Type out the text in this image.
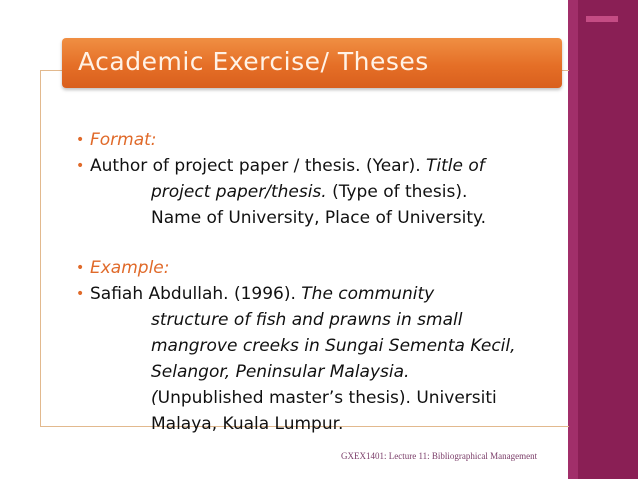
Academic Exercise/ Theses
• Format:
• Author of project paper / thesis. (Year). Title of
project paper/thesis. (Type of thesis).
Name of University, Place of University.
• Example:
• Safiah Abdullah. (1996). The community
structure of fish and prawns in small
mangrove creeks in Sungai Sementa Kecil,
Selangor, Peninsular Malaysia.
(Unpublished master’s thesis). Universiti
Malaya, Kuala Lumpur.
GXEX1401: Lecture 11: Bibliographical Management
